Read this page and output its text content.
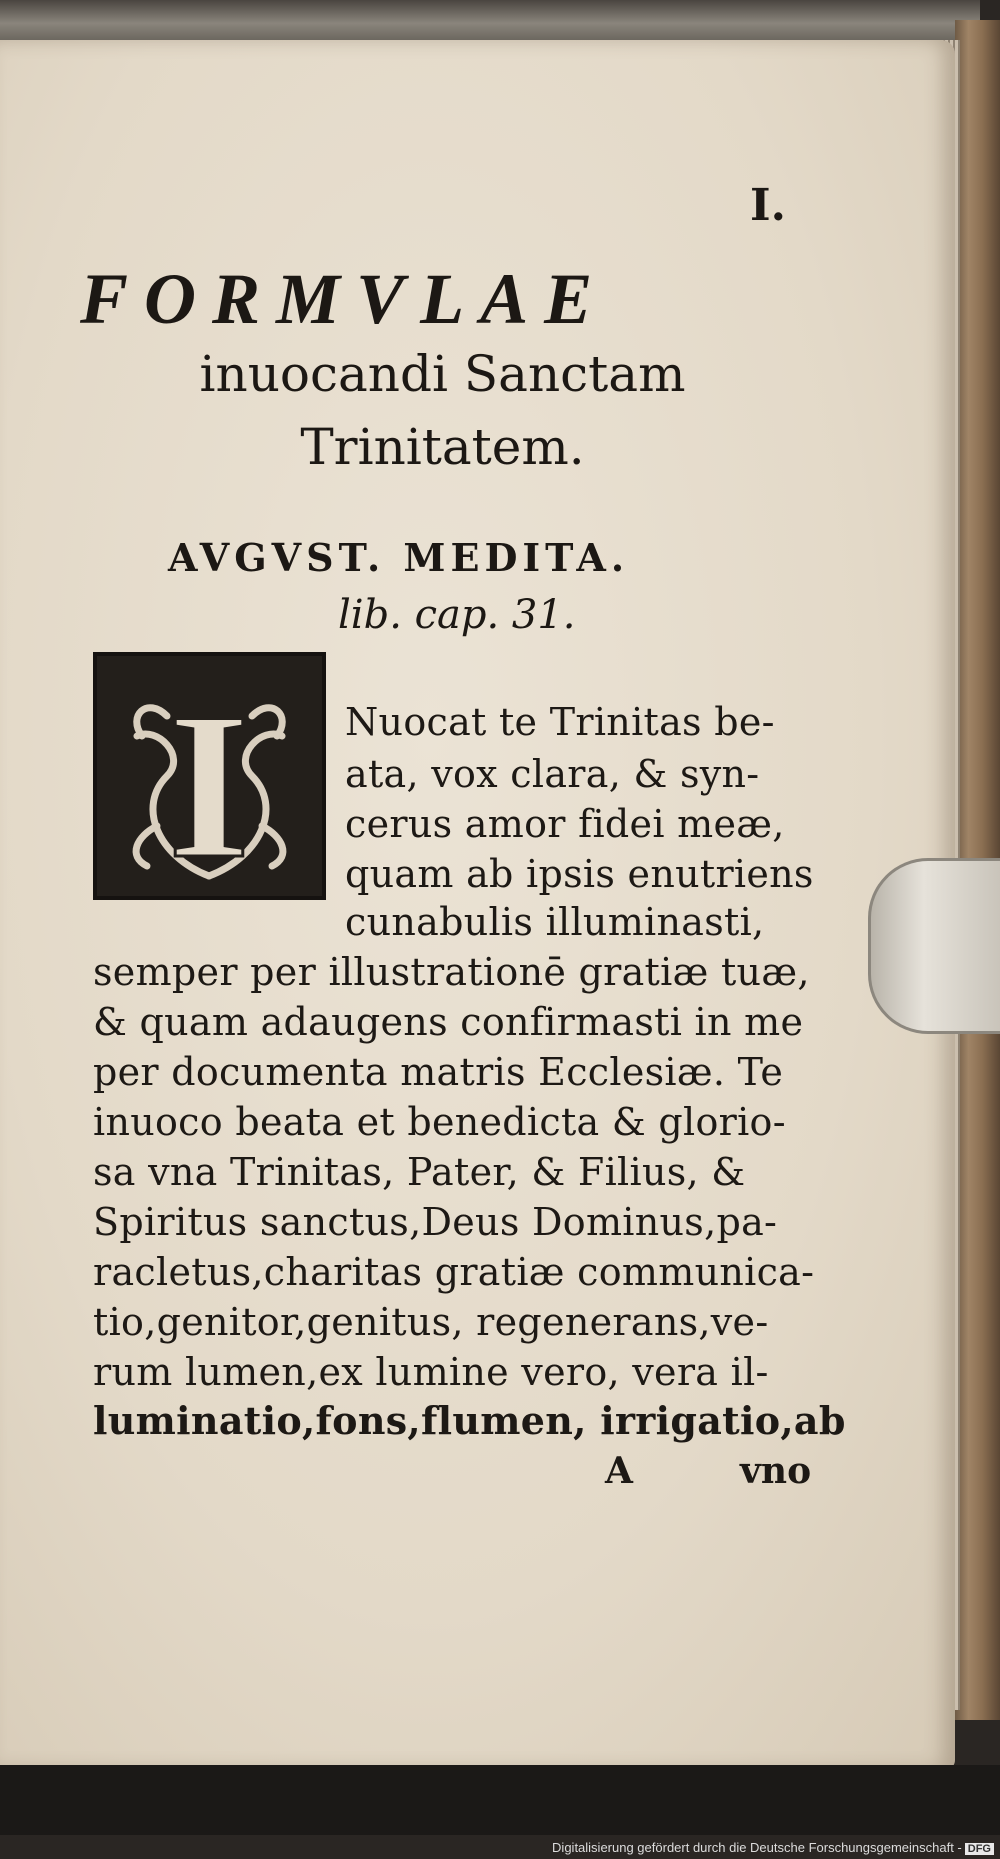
I.
FORMVLAE
inuocandi Sanctam
Trinitatem.
AVGVST. MEDITA.
lib. cap. 31.
I	Nuocat te Trinitas be-
ata, vox clara, & syn-
cerus amor fidei meæ,
quam ab ipsis enutriens
cunabulis illuminasti,
semper per illustrationē gratiæ tuæ,
& quam adaugens confirmasti in me
per documenta matris Ecclesiæ. Te
inuoco beata et benedicta & glorio-
sa vna Trinitas, Pater, & Filius, &
Spiritus sanctus,Deus Dominus,pa-
racletus,charitas gratiæ communica-
tio,genitor,genitus, regenerans,ve-
rum lumen,ex lumine vero, vera il-
luminatio,fons,flumen, irrigatio,ab
A	vno
Digitalisierung gefördert durch die Deutsche Forschungsgemeinschaft - DFG
